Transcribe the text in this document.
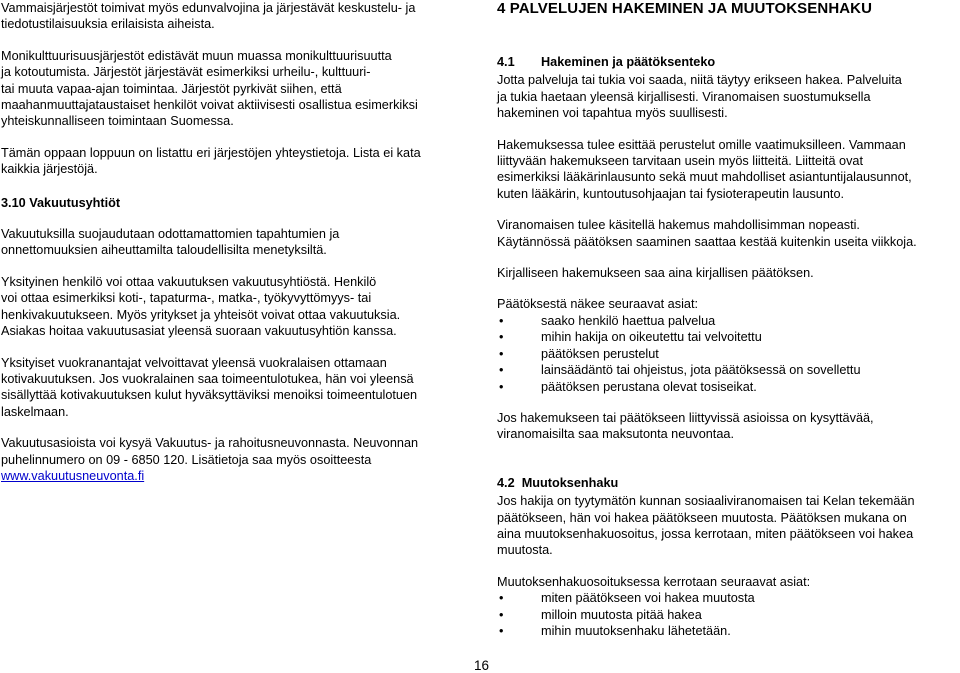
Vammaisjärjestöt toimivat myös edunvalvojina ja järjestävät keskustelu- ja
tiedotustilaisuuksia erilaisista aiheista.

Monikulttuurisuusjärjestöt edistävät muun muassa monikulttuurisuutta
ja kotoutumista. Järjestöt järjestävät esimerkiksi urheilu-, kulttuuri-
tai muuta vapaa-ajan toimintaa. Järjestöt pyrkivät siihen, että
maahanmuuttajataustaiset henkilöt voivat aktiivisesti osallistua esimerkiksi
yhteiskunnalliseen toimintaan Suomessa.

Tämän oppaan loppuun on listattu eri järjestöjen yhteystietoja. Lista ei kata
kaikkia järjestöjä.

3.10 Vakuutusyhtiöt

Vakuutuksilla suojaudutaan odottamattomien tapahtumien ja
onnettomuuksien aiheuttamilta taloudellisilta menetyksiltä.

Yksityinen henkilö voi ottaa vakuutuksen vakuutusyhtiöstä. Henkilö
voi ottaa esimerkiksi koti-, tapaturma-, matka-, työkyvyttömyys- tai
henkivakuutukseen. Myös yritykset ja yhteisöt voivat ottaa vakuutuksia.
Asiakas hoitaa vakuutusasiat yleensä suoraan vakuutusyhtiön kanssa.

Yksityiset vuokranantajat velvoittavat yleensä vuokralaisen ottamaan
kotivakuutuksen. Jos vuokralainen saa toimeentulotukea, hän voi yleensä
sisällyttää kotivakuutuksen kulut hyväksyttäviksi menoiksi toimeentulotuen
laskelmaan.

Vakuutusasioista voi kysyä Vakuutus- ja rahoitusneuvonnasta. Neuvonnan
puhelinnumero on 09 - 6850 120. Lisätietoja saa myös osoitteesta
www.vakuutusneuvonta.fi

4 PALVELUJEN HAKEMINEN JA MUUTOKSENHAKU

4.1 Hakeminen ja päätöksenteko

Jotta palveluja tai tukia voi saada, niitä täytyy erikseen hakea. Palveluita
ja tukia haetaan yleensä kirjallisesti. Viranomaisen suostumuksella
hakeminen voi tapahtua myös suullisesti.

Hakemuksessa tulee esittää perustelut omille vaatimuksilleen. Vammaan
liittyvään hakemukseen tarvitaan usein myös liitteitä. Liitteitä ovat
esimerkiksi lääkärinlausunto sekä muut mahdolliset asiantuntijalausunnot,
kuten lääkärin, kuntoutusohjaajan tai fysioterapeutin lausunto.

Viranomaisen tulee käsitellä hakemus mahdollisimman nopeasti.
Käytännössä päätöksen saaminen saattaa kestää kuitenkin useita viikkoja.

Kirjalliseen hakemukseen saa aina kirjallisen päätöksen.

Päätöksestä näkee seuraavat asiat:

•	saako henkilö haettua palvelua
•	mihin hakija on oikeutettu tai velvoitettu
•	päätöksen perustelut
•	lainsäädäntö tai ohjeistus, jota päätöksessä on sovellettu
•	päätöksen perustana olevat tosiseikat.

Jos hakemukseen tai päätökseen liittyvissä asioissa on kysyttävää,
viranomaisilta saa maksutonta neuvontaa.

4.2 Muutoksenhaku

Jos hakija on tyytymätön kunnan sosiaaliviranomaisen tai Kelan tekemään
päätökseen, hän voi hakea päätökseen muutosta. Päätöksen mukana on
aina muutoksenhakuosoitus, jossa kerrotaan, miten päätökseen voi hakea
muutosta.

Muutoksenhakuosoituksessa kerrotaan seuraavat asiat:

•	miten päätökseen voi hakea muutosta
•	milloin muutosta pitää hakea
•	mihin muutoksenhaku lähetetään.
16
